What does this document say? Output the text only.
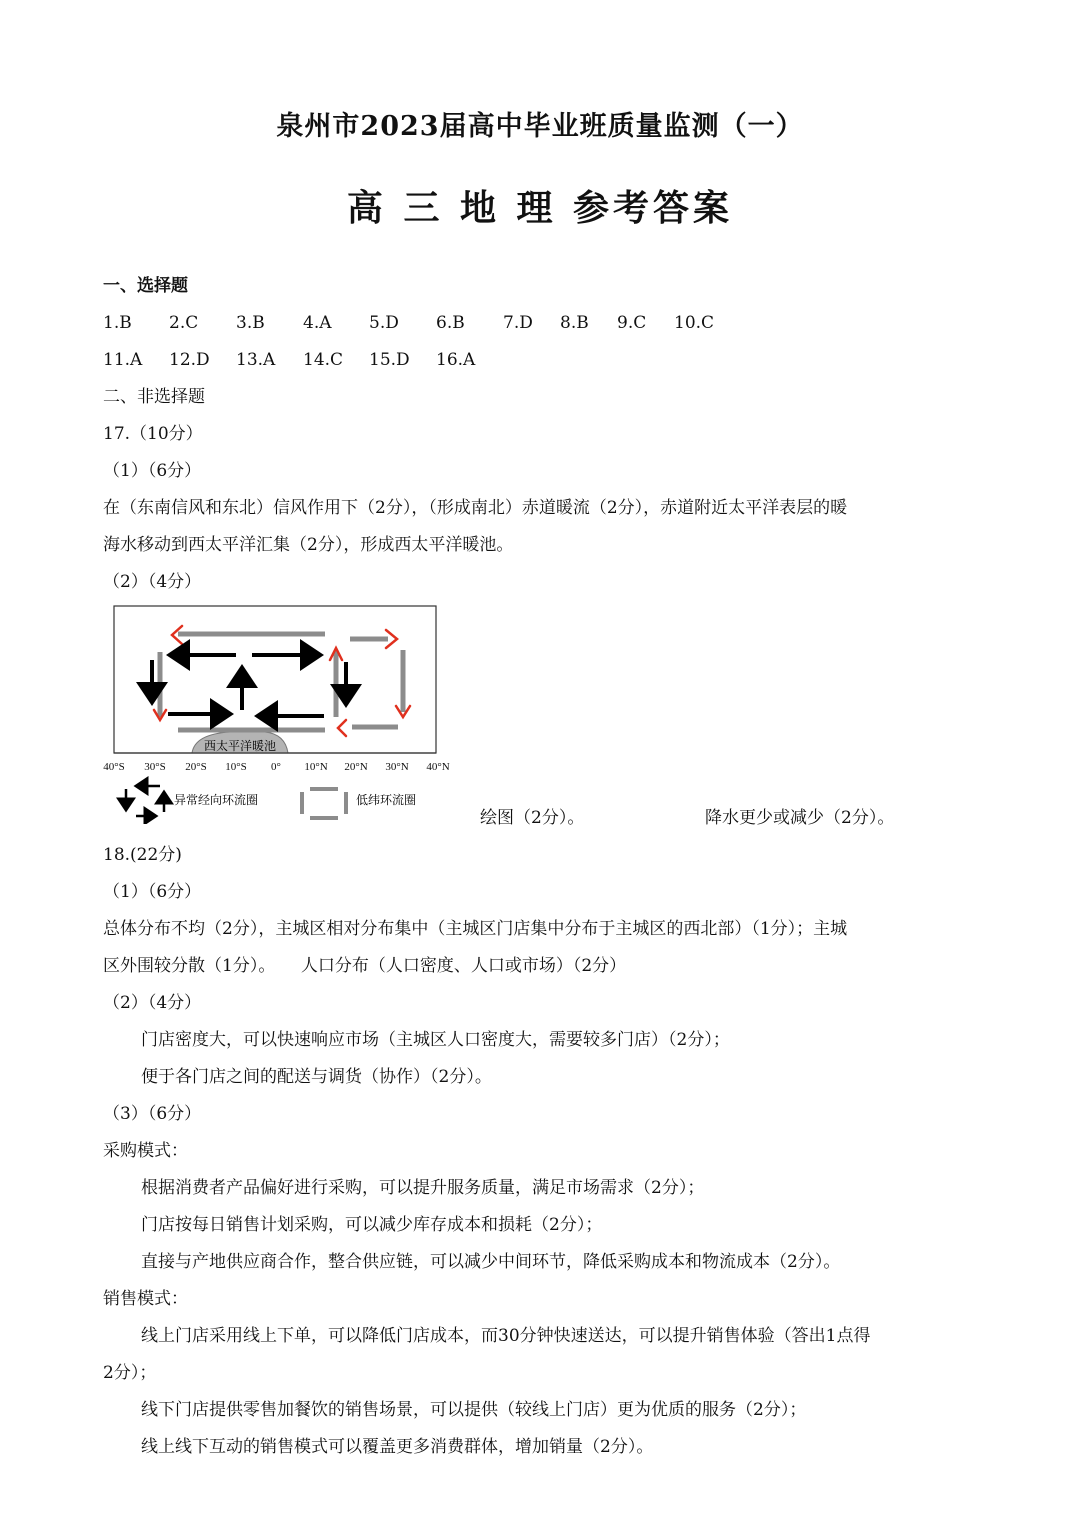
泉州市2023届高中毕业班质量监测（一）
高 三 地 理 参考答案
一、选择题
1.B 2.C 3.B 4.A 5.D 6.B 7.D 8.B 9.C 10.C
11.A 12.D 13.A 14.C 15.D 16.A
二、非选择题
17.（10分）
（1）（6分）
在（东南信风和东北）信风作用下（2分），（形成南北）赤道暖流（2分），赤道附近太平洋表层的暖
海水移动到西太平洋汇集（2分），形成西太平洋暖池。
（2）（4分）
西太平洋暖池
40°S 30°S 20°S 10°S 0° 10°N 20°N 30°N 40°N
异常经向环流圈	低纬环流圈
绘图（2分）。	降水更少或减少（2分）。
18.(22分)
（1）（6分）
总体分布不均（2分），主城区相对分布集中（主城区门店集中分布于主城区的西北部）（1分）；主城
区外围较分散（1分）。　　人口分布（人口密度、人口或市场）（2分）
（2）（4分）
门店密度大，可以快速响应市场（主城区人口密度大，需要较多门店）（2分）；
便于各门店之间的配送与调货（协作）（2分）。
（3）（6分）
采购模式：
根据消费者产品偏好进行采购，可以提升服务质量，满足市场需求（2分）；
门店按每日销售计划采购，可以减少库存成本和损耗（2分）；
直接与产地供应商合作，整合供应链，可以减少中间环节，降低采购成本和物流成本（2分）。
销售模式：
线上门店采用线上下单，可以降低门店成本，而30分钟快速送达，可以提升销售体验（答出1点得
2分）；
线下门店提供零售加餐饮的销售场景，可以提供（较线上门店）更为优质的服务（2分）；
线上线下互动的销售模式可以覆盖更多消费群体，增加销量（2分）。
